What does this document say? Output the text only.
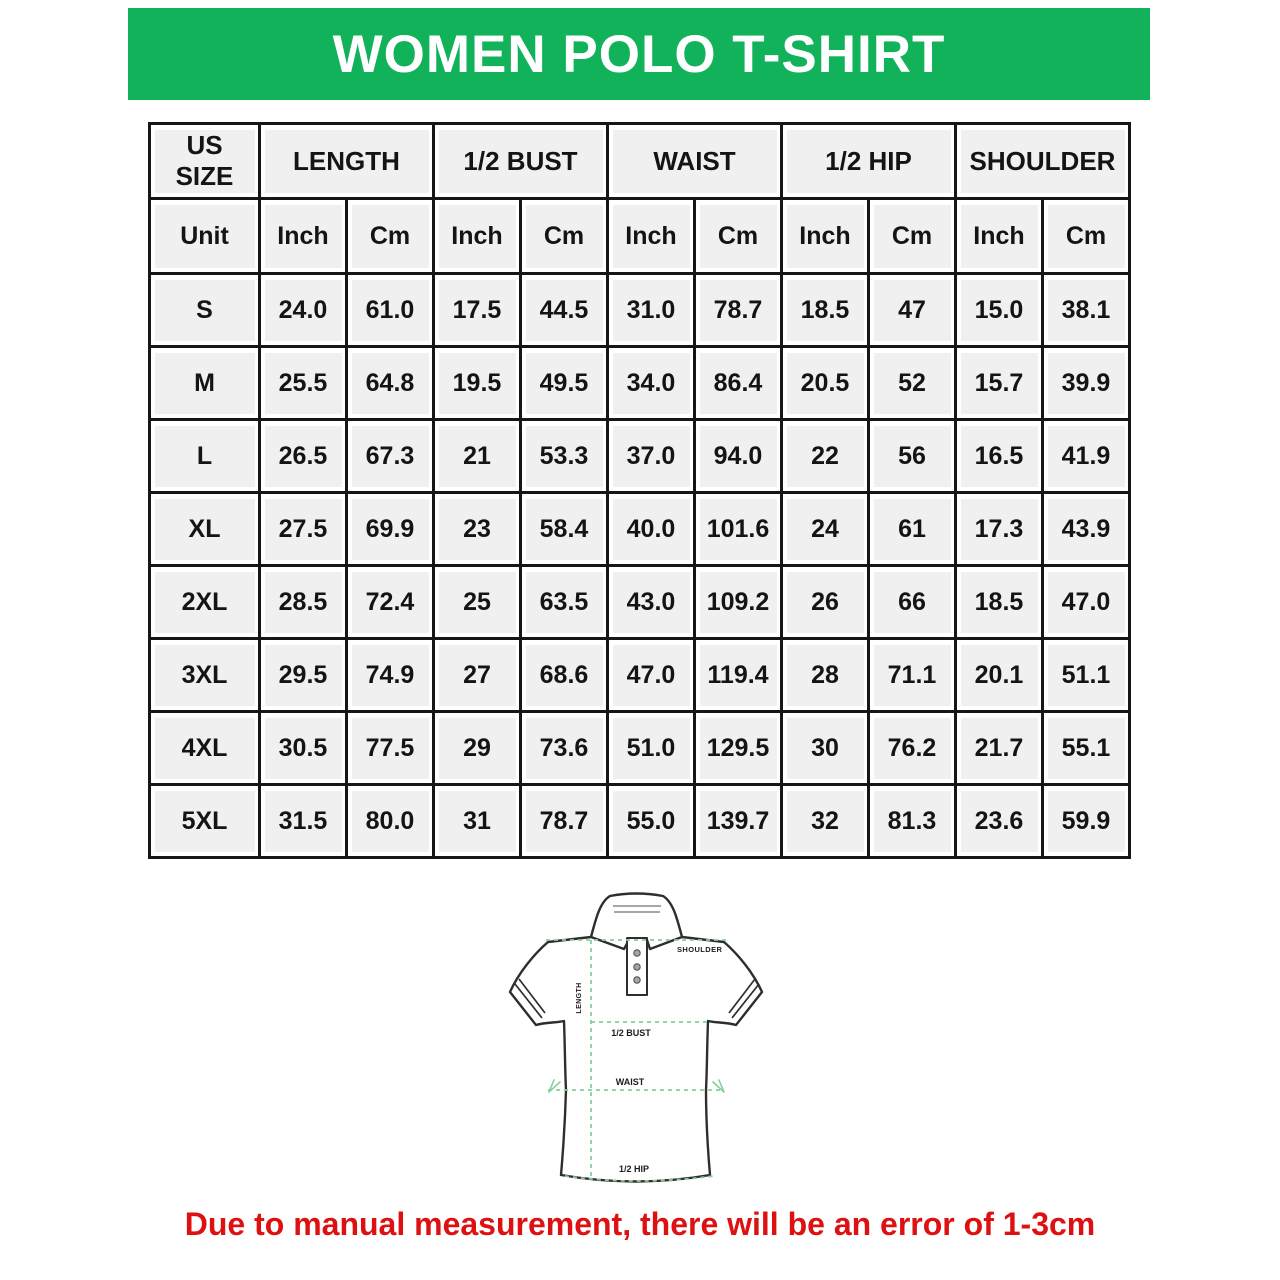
WOMEN POLO T-SHIRT
US SIZE	LENGTH		1/2 BUST		WAIST		1/2 HIP		SHOULDER	
Unit	Inch	Cm	Inch	Cm	Inch	Cm	Inch	Cm	Inch	Cm
S	24.0	61.0	17.5	44.5	31.0	78.7	18.5	47	15.0	38.1
M	25.5	64.8	19.5	49.5	34.0	86.4	20.5	52	15.7	39.9
L	26.5	67.3	21	53.3	37.0	94.0	22	56	16.5	41.9
XL	27.5	69.9	23	58.4	40.0	101.6	24	61	17.3	43.9
2XL	28.5	72.4	25	63.5	43.0	109.2	26	66	18.5	47.0
3XL	29.5	74.9	27	68.6	47.0	119.4	28	71.1	20.1	51.1
4XL	30.5	77.5	29	73.6	51.0	129.5	30	76.2	21.7	55.1
5XL	31.5	80.0	31	78.7	55.0	139.7	32	81.3	23.6	59.9
SHOULDER
LENGTH
1/2 BUST
WAIST
1/2 HIP
Due to manual measurement, there will be an error of 1-3cm
